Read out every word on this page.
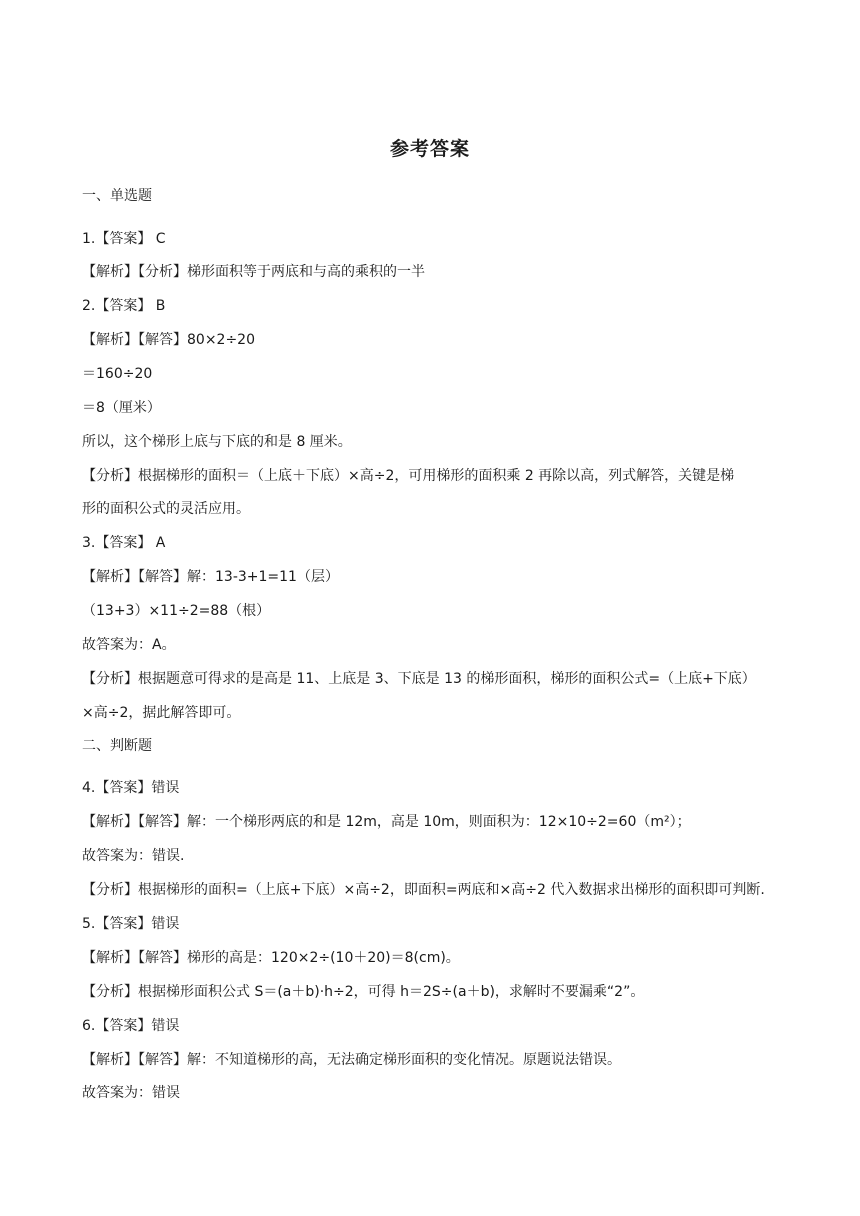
参考答案
一、单选题
1.【答案】 C
【解析】【分析】梯形面积等于两底和与高的乘积的一半
2.【答案】 B
【解析】【解答】80×2÷20
＝160÷20
＝8（厘米）
所以，这个梯形上底与下底的和是 8 厘米。
【分析】根据梯形的面积＝（上底＋下底）×高÷2，可用梯形的面积乘 2 再除以高，列式解答，关键是梯
形的面积公式的灵活应用。
3.【答案】 A
【解析】【解答】解：13-3+1=11（层）
（13+3）×11÷2=88（根）
故答案为：A。
【分析】根据题意可得求的是高是 11、上底是 3、下底是 13 的梯形面积，梯形的面积公式=（上底+下底）
×高÷2，据此解答即可。
二、判断题
4.【答案】错误
【解析】【解答】解：一个梯形两底的和是 12m，高是 10m，则面积为：12×10÷2=60（m²）；
故答案为：错误.
【分析】根据梯形的面积=（上底+下底）×高÷2，即面积=两底和×高÷2 代入数据求出梯形的面积即可判断.
5.【答案】错误
【解析】【解答】梯形的高是：120×2÷(10＋20)＝8(cm)。
【分析】根据梯形面积公式 S＝(a＋b)·h÷2，可得 h＝2S÷(a＋b)，求解时不要漏乘“2”。
6.【答案】错误
【解析】【解答】解：不知道梯形的高，无法确定梯形面积的变化情况。原题说法错误。
故答案为：错误
